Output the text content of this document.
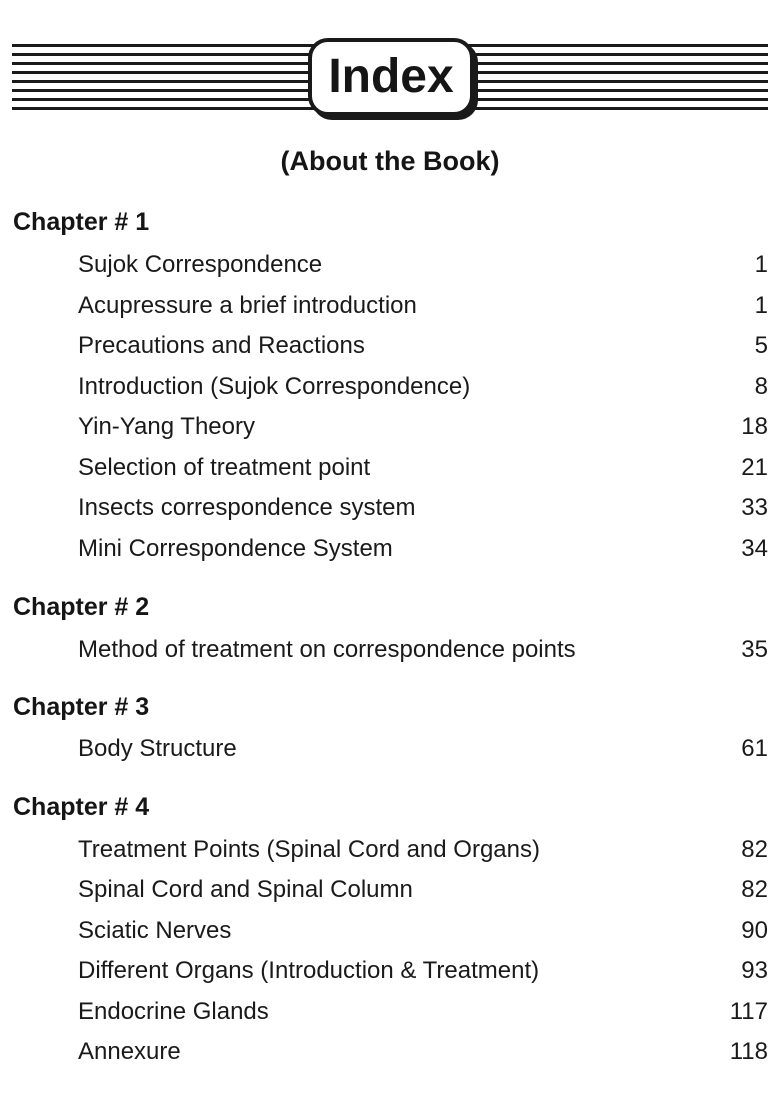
Index
(About the Book)
Chapter # 1
Sujok Correspondence	1
Acupressure a brief introduction	1
Precautions and Reactions	5
Introduction (Sujok Correspondence)	8
Yin-Yang Theory	18
Selection of treatment point	21
Insects correspondence system	33
Mini Correspondence System	34
Chapter # 2
Method of treatment on correspondence points	35
Chapter # 3
Body Structure	61
Chapter # 4
Treatment Points (Spinal Cord and Organs)	82
Spinal Cord and Spinal Column	82
Sciatic Nerves	90
Different Organs (Introduction & Treatment)	93
Endocrine Glands	117
Annexure	118
